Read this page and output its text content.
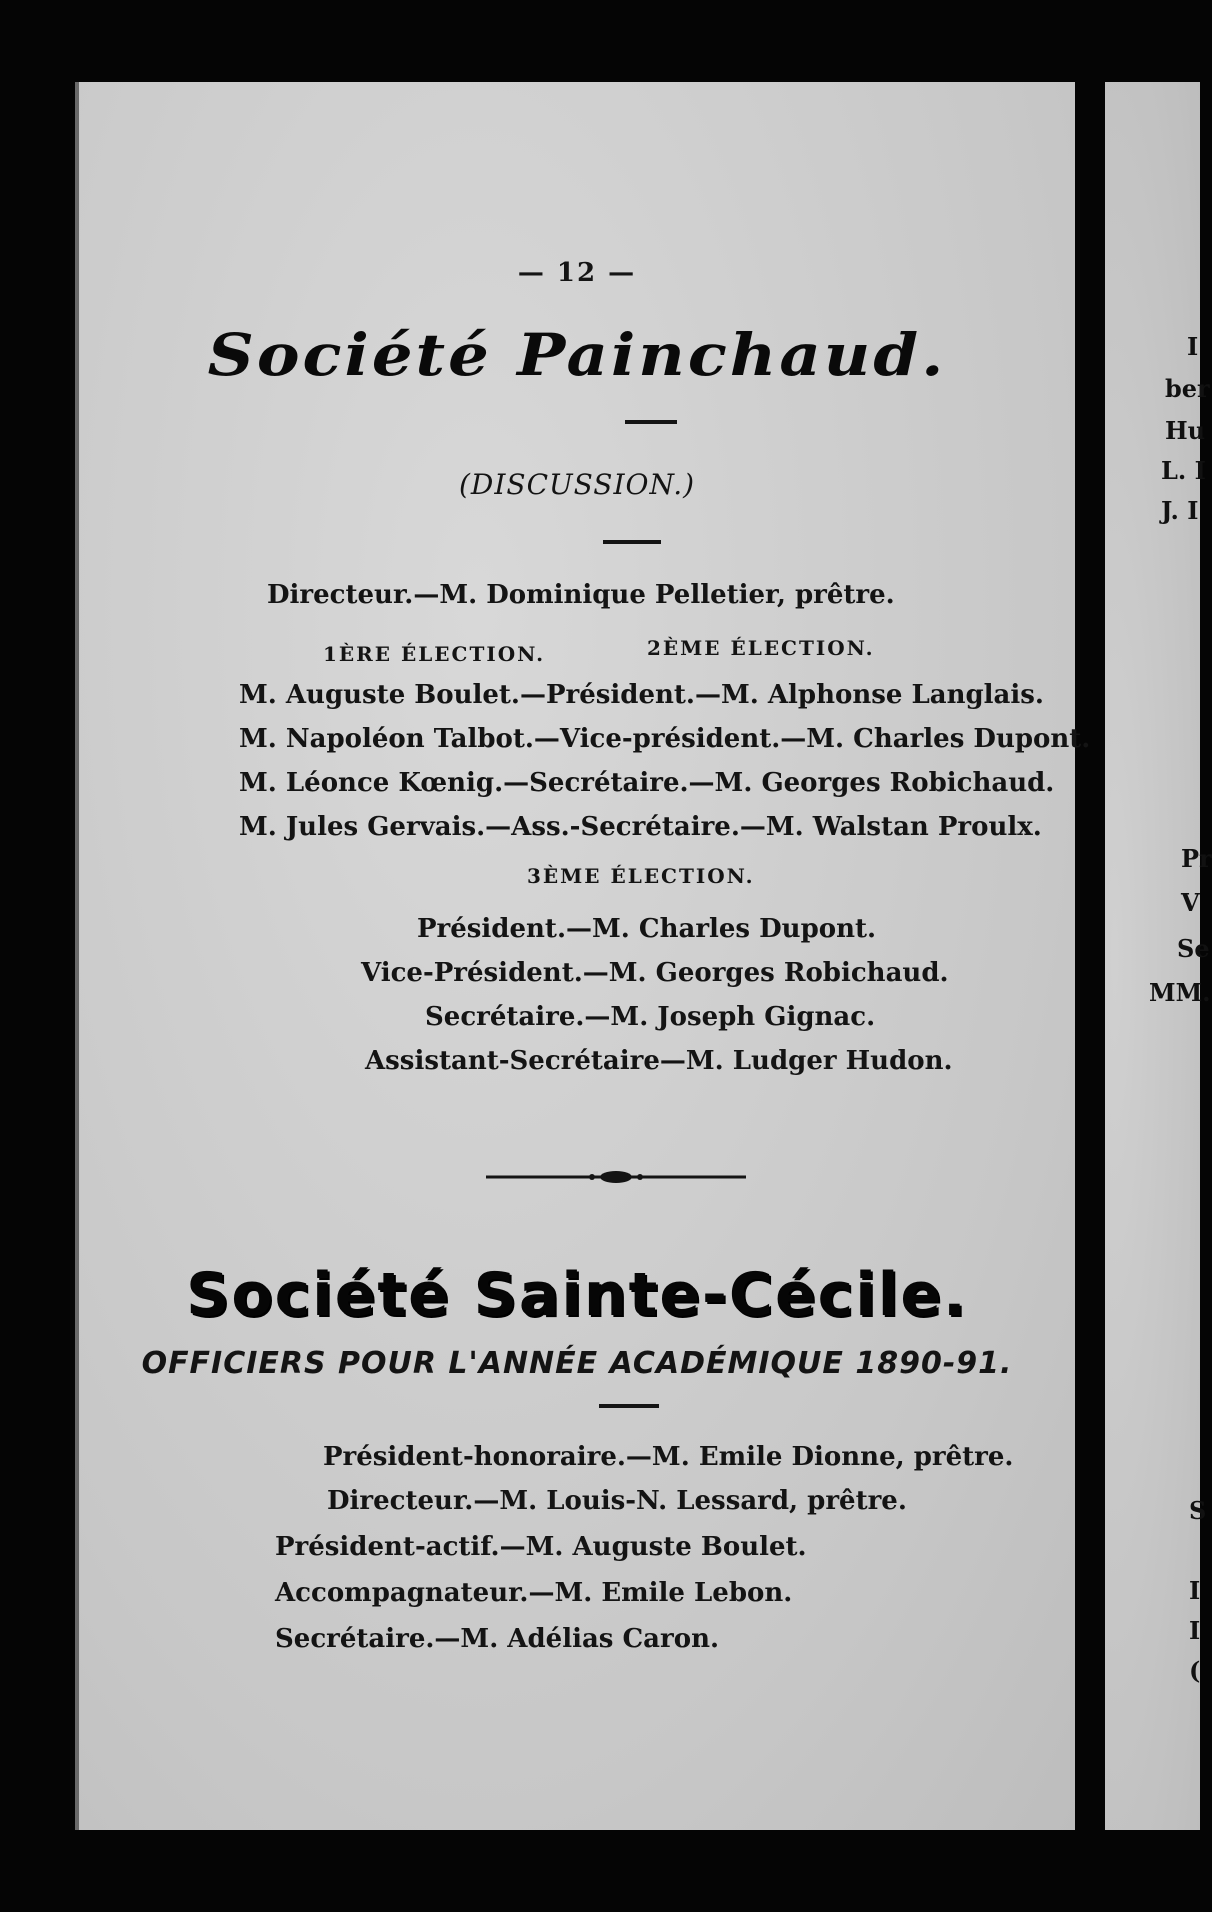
— 12 —
Société Painchaud.
(DISCUSSION.)
Directeur.—M. Dominique Pelletier, prêtre.
1ÈRE ÉLECTION.	2ÈME ÉLECTION.
M. Auguste Boulet.—Président.—M. Alphonse Langlais.
M. Napoléon Talbot.—Vice-président.—M. Charles Dupont.
M. Léonce Kœnig.—Secrétaire.—M. Georges Robichaud.
M. Jules Gervais.—Ass.-Secrétaire.—M. Walstan Proulx.
3ÈME ÉLECTION.
Président.—M. Charles Dupont.
Vice-Président.—M. Georges Robichaud.
Secrétaire.—M. Joseph Gignac.
Assistant-Secrétaire—M. Ludger Hudon.
Société Sainte-Cécile.
OFFICIERS POUR L'ANNÉE ACADÉMIQUE 1890-91.
Président-honoraire.—M. Emile Dionne, prêtre.
Directeur.—M. Louis-N. Lessard, prêtre.
Président-actif.—M. Auguste Boulet.
Accompagnateur.—M. Emile Lebon.
Secrétaire.—M. Adélias Caron.
I
ber
Hu
L. I
J. I
Pr
V
Se
MM.
S
I
I
(
